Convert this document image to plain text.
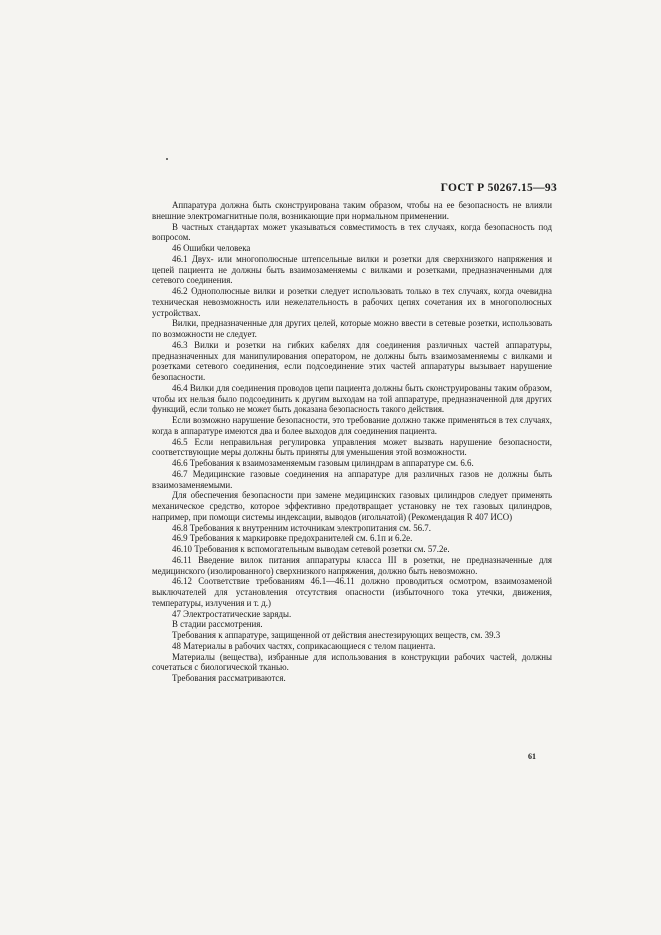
ГОСТ Р 50267.15—93

Аппаратура должна быть сконструирована таким образом, чтобы на ее безопасность не влияли внешние электромагнитные поля, возникающие при нормальном применении.

В частных стандартах может указываться совместимость в тех случаях, когда безопасность под вопросом.

46 Ошибки человека

46.1 Двух- или многополюсные штепсельные вилки и розетки для сверхнизкого напряжения и цепей пациента не должны быть взаимозаменяемы с вилками и розетками, предназначенными для сетевого соединения.

46.2 Однополюсные вилки и розетки следует использовать только в тех случаях, когда очевидна техническая невозможность или нежелательность в рабочих цепях сочетания их в многополюсных устройствах.

Вилки, предназначенные для других целей, которые можно ввести в сетевые розетки, использовать по возможности не следует.

46.3 Вилки и розетки на гибких кабелях для соединения различных частей аппаратуры, предназначенных для манипулирования оператором, не должны быть взаимозаменяемы с вилками и розетками сетевого соединения, если подсоединение этих частей аппаратуры вызывает нарушение безопасности.

46.4 Вилки для соединения проводов цепи пациента должны быть сконструированы таким образом, чтобы их нельзя было подсоединить к другим выходам на той аппаратуре, предназначенной для других функций, если только не может быть доказана безопасность такого действия.

Если возможно нарушение безопасности, это требование должно также применяться в тех случаях, когда в аппаратуре имеются два и более выходов для соединения пациента.

46.5 Если неправильная регулировка управления может вызвать нарушение безопасности, соответствующие меры должны быть приняты для уменьшения этой возможности.

46.6 Требования к взаимозаменяемым газовым цилиндрам в аппаратуре см. 6.6.

46.7 Медицинские газовые соединения на аппаратуре для различных газов не должны быть взаимозаменяемыми.

Для обеспечения безопасности при замене медицинских газовых цилиндров следует применять механическое средство, которое эффективно предотвращает установку не тех газовых цилиндров, например, при помощи системы индексации, выводов (игольчатой) (Рекомендация R 407 ИСО)

46.8 Требования к внутренним источникам электропитания см. 56.7.

46.9 Требования к маркировке предохранителей см. 6.1п и 6.2е.

46.10 Требования к вспомогательным выводам сетевой розетки см. 57.2е.

46.11 Введение вилок питания аппаратуры класса III в розетки, не предназначенные для медицинского (изолированного) сверхнизкого напряжения, должно быть невозможно.

46.12 Соответствие требованиям 46.1—46.11 должно проводиться осмотром, взаимозаменой выключателей для установления отсутствия опасности (избыточного тока утечки, движения, температуры, излучения и т. д.)

47 Электростатические заряды.

В стадии рассмотрения.

Требования к аппаратуре, защищенной от действия анестезирующих веществ, см. 39.3

48 Материалы в рабочих частях, соприкасающиеся с телом пациента.

Материалы (вещества), избранные для использования в конструкции рабочих частей, должны сочетаться с биологической тканью.

Требования рассматриваются.

61
